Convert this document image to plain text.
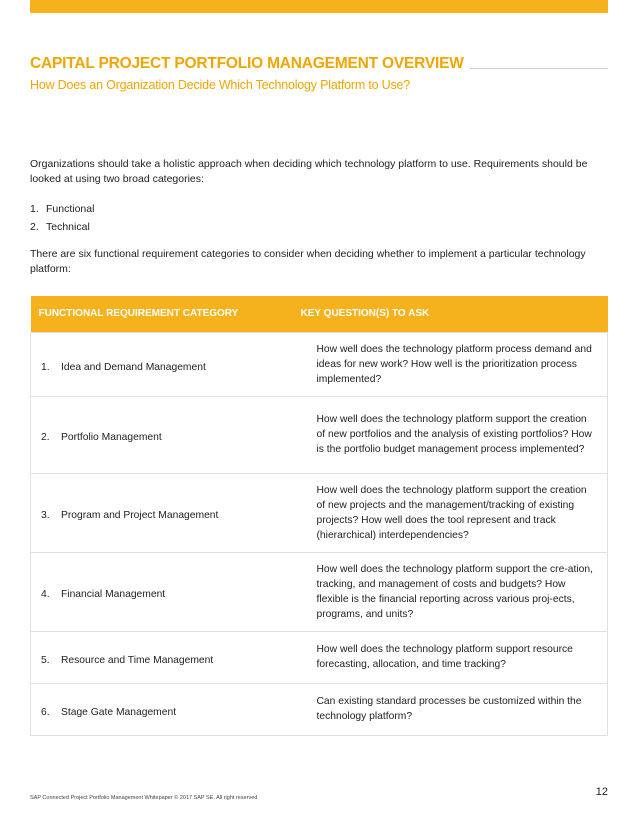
CAPITAL PROJECT PORTFOLIO MANAGEMENT OVERVIEW
How Does an Organization Decide Which Technology Platform to Use?
Organizations should take a holistic approach when deciding which technology platform to use. Requirements should be looked at using two broad categories:
1. Functional
2. Technical
There are six functional requirement categories to consider when deciding whether to implement a particular technology platform:
FUNCTIONAL REQUIREMENT CATEGORY	KEY QUESTION(S) TO ASK
1. Idea and Demand Management	How well does the technology platform process demand and ideas for new work? How well is the prioritization process implemented?
2. Portfolio Management	How well does the technology platform support the creation of new portfolios and the analysis of existing portfolios? How is the portfolio budget management process implemented?
3. Program and Project Management	How well does the technology platform support the creation of new projects and the management/tracking of existing projects? How well does the tool represent and track (hierarchical) interdependencies?
4. Financial Management	How well does the technology platform support the cre-ation, tracking, and management of costs and budgets? How flexible is the financial reporting across various proj-ects, programs, and units?
5. Resource and Time Management	How well does the technology platform support resource forecasting, allocation, and time tracking?
6. Stage Gate Management	Can existing standard processes be customized within the technology platform?
SAP Connected Project Portfolio Management Whitepaper © 2017 SAP SE. All right reserved	12
